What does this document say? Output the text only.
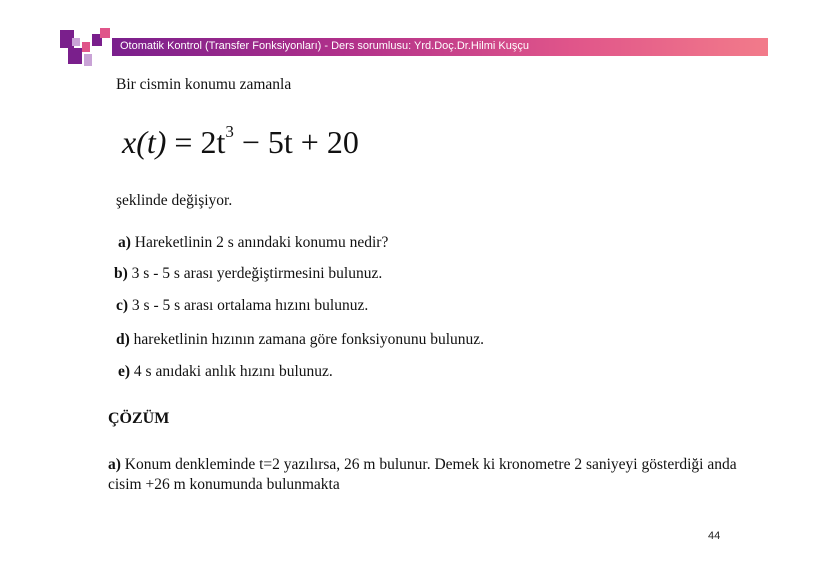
Otomatik Kontrol (Transfer Fonksiyonları) - Ders sorumlusu: Yrd.Doç.Dr.Hilmi Kuşçu
Bir cismin konumu zamanla
$x(t) = 2t^3 - 5t + 20$
şeklinde değişiyor.
a) Hareketlinin 2 s anındaki konumu nedir?
b) 3 s - 5 s arası yerdeğiştirmesini bulunuz.
c) 3 s - 5 s arası ortalama hızını bulunuz.
d) hareketlinin hızının zamana göre fonksiyonunu bulunuz.
e) 4 s anıdaki anlık hızını bulunuz.
ÇÖZÜM
a) Konum denkleminde t=2 yazılırsa, 26 m bulunur. Demek ki kronometre 2 saniyeyi gösterdiği anda cisim +26 m konumunda bulunmakta
44
